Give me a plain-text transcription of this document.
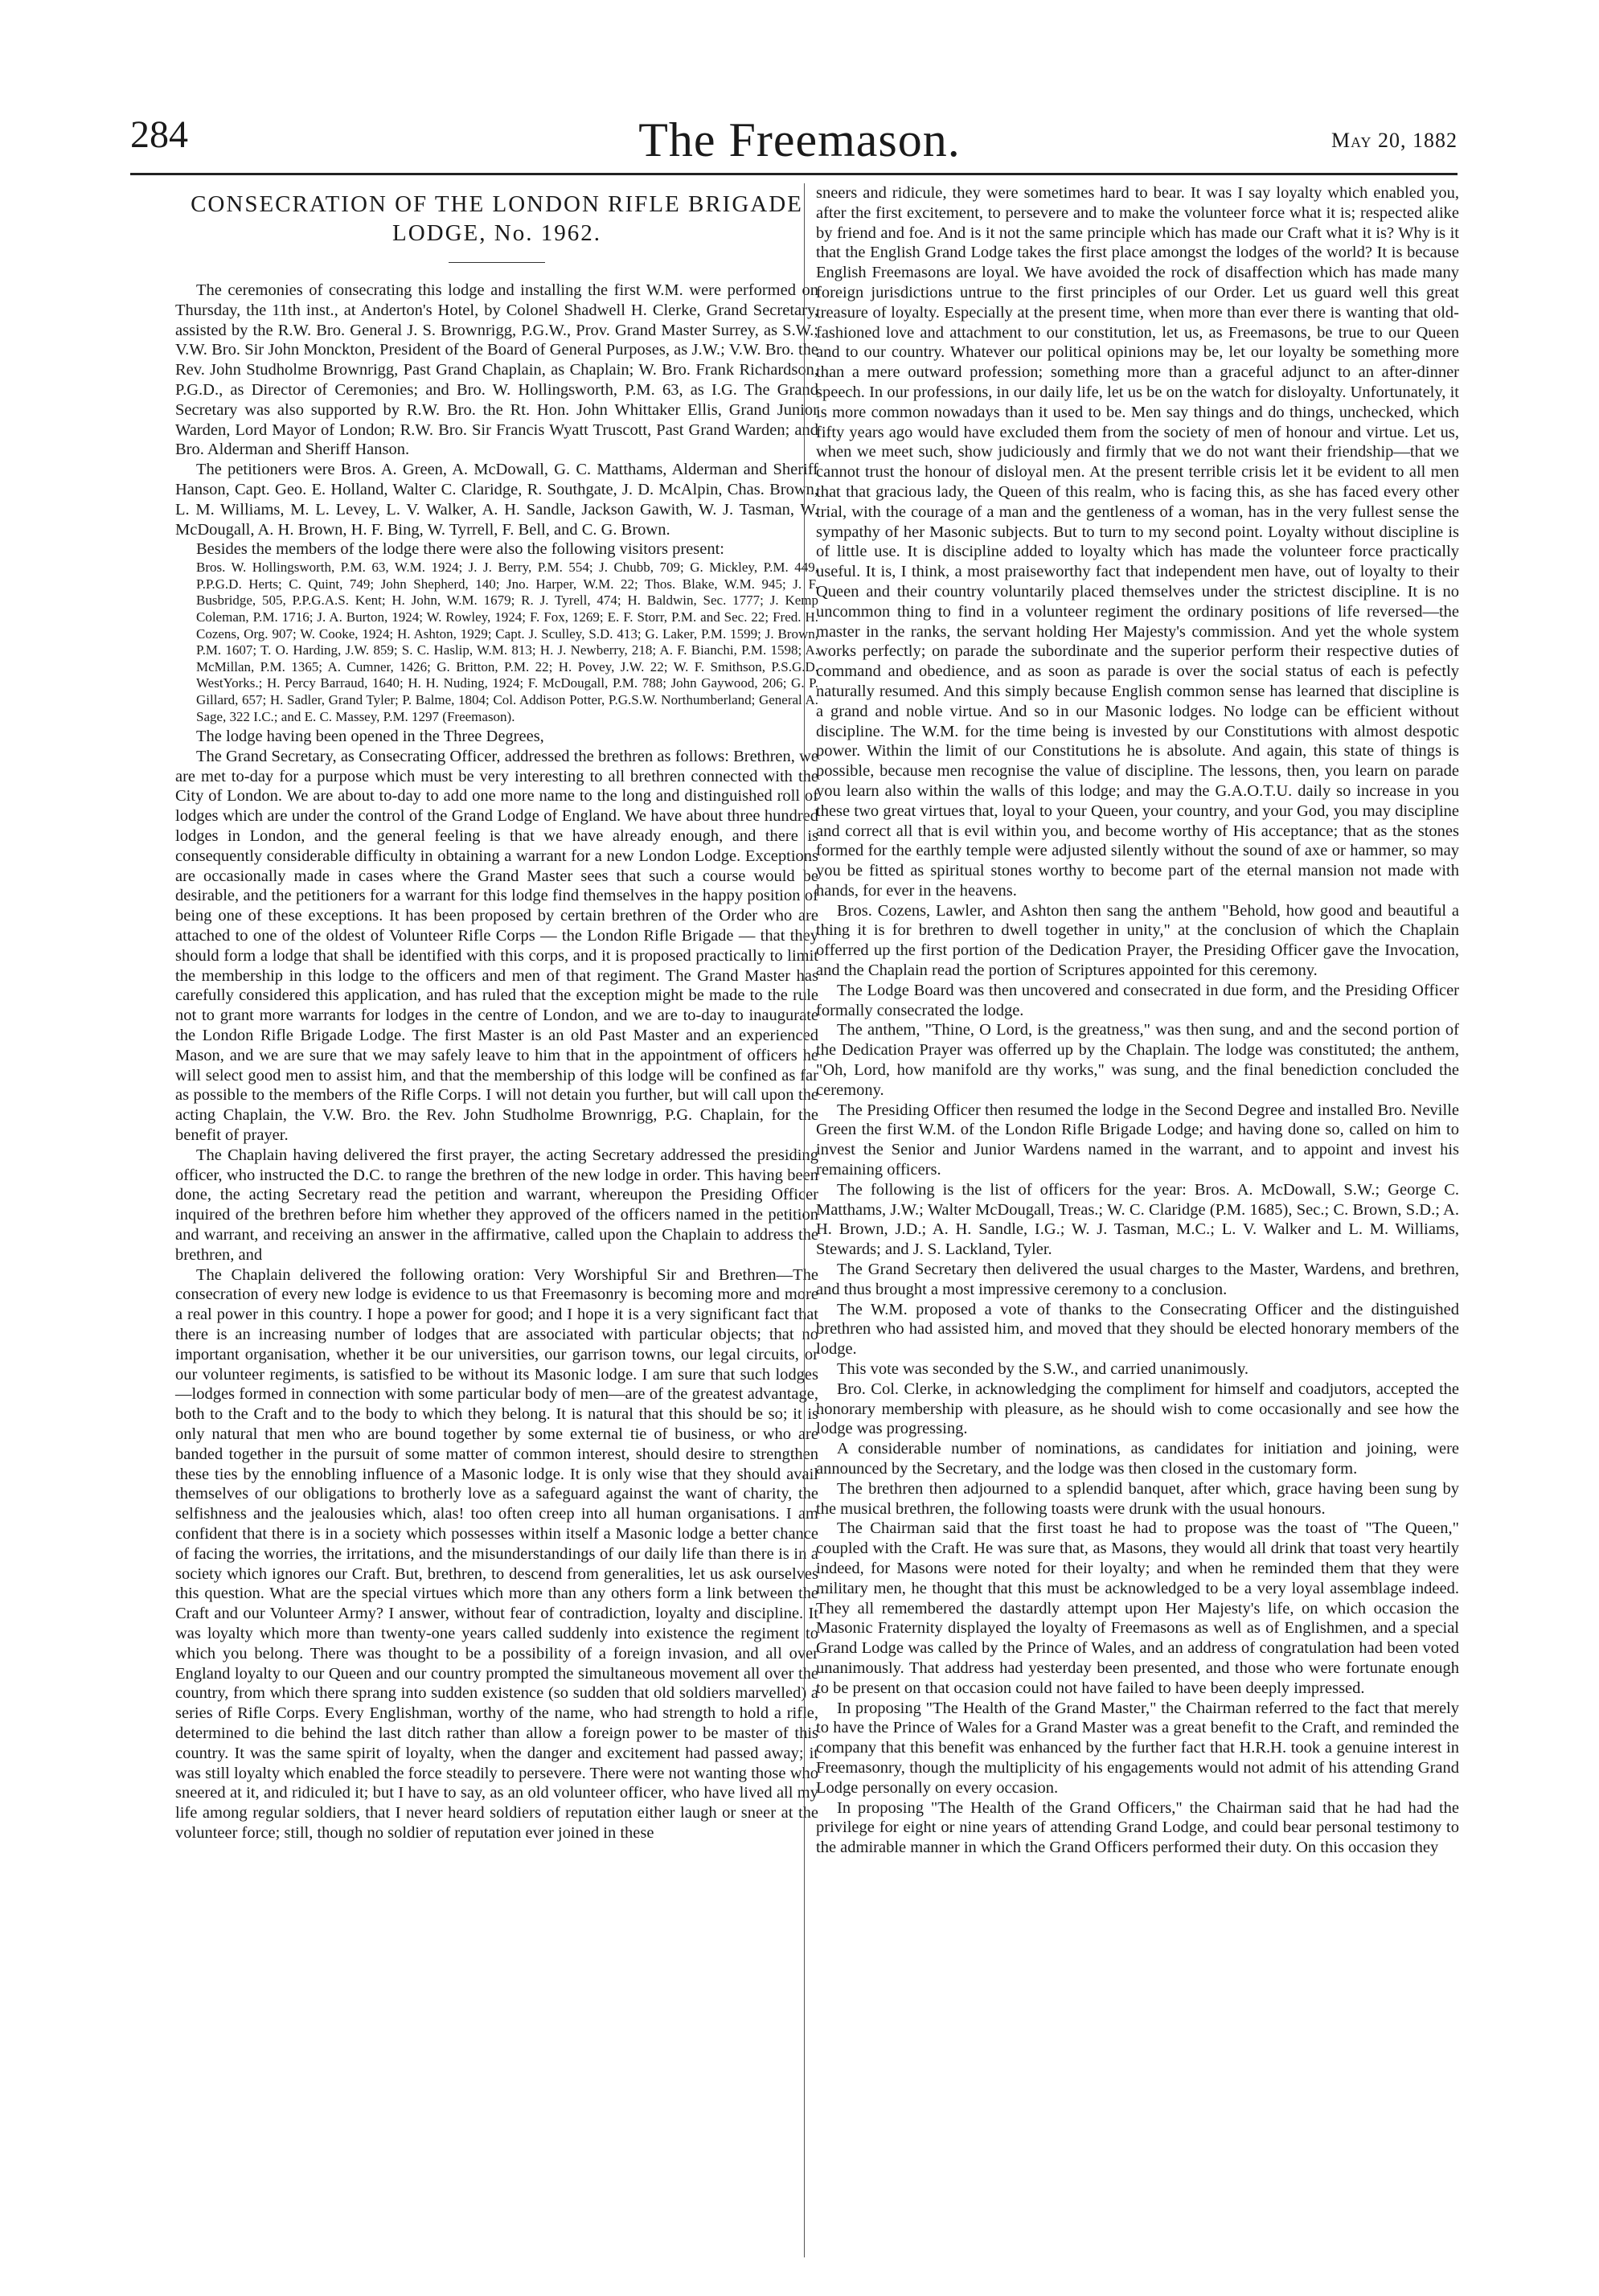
284	The Freemason.	May 20, 1882
CONSECRATION OF THE LONDON RIFLE BRIGADE LODGE, No. 1962.

The ceremonies of consecrating this lodge and installing the first W.M. were performed on Thursday, the 11th inst., at Anderton's Hotel, by Colonel Shadwell H. Clerke, Grand Secretary, assisted by the R.W. Bro. General J. S. Brownrigg, P.G.W., Prov. Grand Master Surrey, as S.W.; V.W. Bro. Sir John Monckton, President of the Board of General Purposes, as J.W.; V.W. Bro. the Rev. John Studholme Brownrigg, Past Grand Chaplain, as Chaplain; W. Bro. Frank Richardson, P.G.D., as Director of Ceremonies; and Bro. W. Hollingsworth, P.M. 63, as I.G. The Grand Secretary was also supported by R.W. Bro. the Rt. Hon. John Whittaker Ellis, Grand Junior Warden, Lord Mayor of London; R.W. Bro. Sir Francis Wyatt Truscott, Past Grand Warden; and Bro. Alderman and Sheriff Hanson.

The petitioners were Bros. A. Green, A. McDowall, G. C. Matthams, Alderman and Sheriff Hanson, Capt. Geo. E. Holland, Walter C. Claridge, R. Southgate, J. D. McAlpin, Chas. Brown, L. M. Williams, M. L. Levey, L. V. Walker, A. H. Sandle, Jackson Gawith, W. J. Tasman, W. McDougall, A. H. Brown, H. F. Bing, W. Tyrrell, F. Bell, and C. G. Brown.

Besides the members of the lodge there were also the following visitors present:

Bros. W. Hollingsworth, P.M. 63, W.M. 1924; J. J. Berry, P.M. 554; J. Chubb, 709; G. Mickley, P.M. 449, P.P.G.D. Herts; C. Quint, 749; John Shepherd, 140; Jno. Harper, W.M. 22; Thos. Blake, W.M. 945; J. F. Busbridge, 505, P.P.G.A.S. Kent; H. John, W.M. 1679; R. J. Tyrell, 474; H. Baldwin, Sec. 1777; J. Kemp Coleman, P.M. 1716; J. A. Burton, 1924; W. Rowley, 1924; F. Fox, 1269; E. F. Storr, P.M. and Sec. 22; Fred. H. Cozens, Org. 907; W. Cooke, 1924; H. Ashton, 1929; Capt. J. Sculley, S.D. 413; G. Laker, P.M. 1599; J. Brown, P.M. 1607; T. O. Harding, J.W. 859; S. C. Haslip, W.M. 813; H. J. Newberry, 218; A. F. Bianchi, P.M. 1598; A. McMillan, P.M. 1365; A. Cumner, 1426; G. Britton, P.M. 22; H. Povey, J.W. 22; W. F. Smithson, P.S.G.D. WestYorks.; H. Percy Barraud, 1640; H. H. Nuding, 1924; F. McDougall, P.M. 788; John Gaywood, 206; G. P. Gillard, 657; H. Sadler, Grand Tyler; P. Balme, 1804; Col. Addison Potter, P.G.S.W. Northumberland; General A. Sage, 322 I.C.; and E. C. Massey, P.M. 1297 (Freemason).

The lodge having been opened in the Three Degrees,

The Grand Secretary, as Consecrating Officer, addressed the brethren as follows: Brethren, we are met to-day for a purpose which must be very interesting to all brethren connected with the City of London. We are about to-day to add one more name to the long and distinguished roll of lodges which are under the control of the Grand Lodge of England. We have about three hundred lodges in London, and the general feeling is that we have already enough, and there is consequently considerable difficulty in obtaining a warrant for a new London Lodge. Exceptions are occasionally made in cases where the Grand Master sees that such a course would be desirable, and the petitioners for a warrant for this lodge find themselves in the happy position of being one of these exceptions. It has been proposed by certain brethren of the Order who are attached to one of the oldest of Volunteer Rifle Corps — the London Rifle Brigade — that they should form a lodge that shall be identified with this corps, and it is proposed practically to limit the membership in this lodge to the officers and men of that regiment. The Grand Master has carefully considered this application, and has ruled that the exception might be made to the rule not to grant more warrants for lodges in the centre of London, and we are to-day to inaugurate the London Rifle Brigade Lodge. The first Master is an old Past Master and an experienced Mason, and we are sure that we may safely leave to him that in the appointment of officers he will select good men to assist him, and that the membership of this lodge will be confined as far as possible to the members of the Rifle Corps. I will not detain you further, but will call upon the acting Chaplain, the V.W. Bro. the Rev. John Studholme Brownrigg, P.G. Chaplain, for the benefit of prayer.

The Chaplain having delivered the first prayer, the acting Secretary addressed the presiding officer, who instructed the D.C. to range the brethren of the new lodge in order. This having been done, the acting Secretary read the petition and warrant, whereupon the Presiding Officer inquired of the brethren before him whether they approved of the officers named in the petition and warrant, and receiving an answer in the affirmative, called upon the Chaplain to address the brethren, and

The Chaplain delivered the following oration: Very Worshipful Sir and Brethren—The consecration of every new lodge is evidence to us that Freemasonry is becoming more and more a real power in this country. I hope a power for good; and I hope it is a very significant fact that there is an increasing number of lodges that are associated with particular objects; that no important organisation, whether it be our universities, our garrison towns, our legal circuits, or our volunteer regiments, is satisfied to be without its Masonic lodge. I am sure that such lodges—lodges formed in connection with some particular body of men—are of the greatest advantage, both to the Craft and to the body to which they belong. It is natural that this should be so; it is only natural that men who are bound together by some external tie of business, or who are banded together in the pursuit of some matter of common interest, should desire to strengthen these ties by the ennobling influence of a Masonic lodge. It is only wise that they should avail themselves of our obligations to brotherly love as a safeguard against the want of charity, the selfishness and the jealousies which, alas! too often creep into all human organisations. I am confident that there is in a society which possesses within itself a Masonic lodge a better chance of facing the worries, the irritations, and the misunderstandings of our daily life than there is in a society which ignores our Craft. But, brethren, to descend from generalities, let us ask ourselves this question. What are the special virtues which more than any others form a link between the Craft and our Volunteer Army? I answer, without fear of contradiction, loyalty and discipline. It was loyalty which more than twenty-one years called suddenly into existence the regiment to which you belong. There was thought to be a possibility of a foreign invasion, and all over England loyalty to our Queen and our country prompted the simultaneous movement all over the country, from which there sprang into sudden existence (so sudden that old soldiers marvelled) a series of Rifle Corps. Every Englishman, worthy of the name, who had strength to hold a rifle, determined to die behind the last ditch rather than allow a foreign power to be master of this country. It was the same spirit of loyalty, when the danger and excitement had passed away; it was still loyalty which enabled the force steadily to persevere. There were not wanting those who sneered at it, and ridiculed it; but I have to say, as an old volunteer officer, who have lived all my life among regular soldiers, that I never heard soldiers of reputation either laugh or sneer at the volunteer force; still, though no soldier of reputation ever joined in these

sneers and ridicule, they were sometimes hard to bear. It was I say loyalty which enabled you, after the first excitement, to persevere and to make the volunteer force what it is; respected alike by friend and foe. And is it not the same principle which has made our Craft what it is? Why is it that the English Grand Lodge takes the first place amongst the lodges of the world? It is because English Freemasons are loyal. We have avoided the rock of disaffection which has made many foreign jurisdictions untrue to the first principles of our Order. Let us guard well this great treasure of loyalty. Especially at the present time, when more than ever there is wanting that old-fashioned love and attachment to our constitution, let us, as Freemasons, be true to our Queen and to our country. Whatever our political opinions may be, let our loyalty be something more than a mere outward profession; something more than a graceful adjunct to an after-dinner speech. In our professions, in our daily life, let us be on the watch for disloyalty. Unfortunately, it is more common nowadays than it used to be. Men say things and do things, unchecked, which fifty years ago would have excluded them from the society of men of honour and virtue. Let us, when we meet such, show judiciously and firmly that we do not want their friendship—that we cannot trust the honour of disloyal men. At the present terrible crisis let it be evident to all men that that gracious lady, the Queen of this realm, who is facing this, as she has faced every other trial, with the courage of a man and the gentleness of a woman, has in the very fullest sense the sympathy of her Masonic subjects. But to turn to my second point. Loyalty without discipline is of little use. It is discipline added to loyalty which has made the volunteer force practically useful. It is, I think, a most praiseworthy fact that independent men have, out of loyalty to their Queen and their country voluntarily placed themselves under the strictest discipline. It is no uncommon thing to find in a volunteer regiment the ordinary positions of life reversed—the master in the ranks, the servant holding Her Majesty's commission. And yet the whole system works perfectly; on parade the subordinate and the superior perform their respective duties of command and obedience, and as soon as parade is over the social status of each is pefectly naturally resumed. And this simply because English common sense has learned that discipline is a grand and noble virtue. And so in our Masonic lodges. No lodge can be efficient without discipline. The W.M. for the time being is invested by our Constitutions with almost despotic power. Within the limit of our Constitutions he is absolute. And again, this state of things is possible, because men recognise the value of discipline. The lessons, then, you learn on parade you learn also within the walls of this lodge; and may the G.A.O.T.U. daily so increase in you these two great virtues that, loyal to your Queen, your country, and your God, you may discipline and correct all that is evil within you, and become worthy of His acceptance; that as the stones formed for the earthly temple were adjusted silently without the sound of axe or hammer, so may you be fitted as spiritual stones worthy to become part of the eternal mansion not made with hands, for ever in the heavens.

Bros. Cozens, Lawler, and Ashton then sang the anthem "Behold, how good and beautiful a thing it is for brethren to dwell together in unity," at the conclusion of which the Chaplain offerred up the first portion of the Dedication Prayer, the Presiding Officer gave the Invocation, and the Chaplain read the portion of Scriptures appointed for this ceremony.

The Lodge Board was then uncovered and consecrated in due form, and the Presiding Officer formally consecrated the lodge.

The anthem, "Thine, O Lord, is the greatness," was then sung, and and the second portion of the Dedication Prayer was offerred up by the Chaplain. The lodge was constituted; the anthem, "Oh, Lord, how manifold are thy works," was sung, and the final benediction concluded the ceremony.

The Presiding Officer then resumed the lodge in the Second Degree and installed Bro. Neville Green the first W.M. of the London Rifle Brigade Lodge; and having done so, called on him to invest the Senior and Junior Wardens named in the warrant, and to appoint and invest his remaining officers.

The following is the list of officers for the year: Bros. A. McDowall, S.W.; George C. Matthams, J.W.; Walter McDougall, Treas.; W. C. Claridge (P.M. 1685), Sec.; C. Brown, S.D.; A. H. Brown, J.D.; A. H. Sandle, I.G.; W. J. Tasman, M.C.; L. V. Walker and L. M. Williams, Stewards; and J. S. Lackland, Tyler.

The Grand Secretary then delivered the usual charges to the Master, Wardens, and brethren, and thus brought a most impressive ceremony to a conclusion.

The W.M. proposed a vote of thanks to the Consecrating Officer and the distinguished brethren who had assisted him, and moved that they should be elected honorary members of the lodge.

This vote was seconded by the S.W., and carried unanimously.

Bro. Col. Clerke, in acknowledging the compliment for himself and coadjutors, accepted the honorary membership with pleasure, as he should wish to come occasionally and see how the lodge was progressing.

A considerable number of nominations, as candidates for initiation and joining, were announced by the Secretary, and the lodge was then closed in the customary form.

The brethren then adjourned to a splendid banquet, after which, grace having been sung by the musical brethren, the following toasts were drunk with the usual honours.

The Chairman said that the first toast he had to propose was the toast of "The Queen," coupled with the Craft. He was sure that, as Masons, they would all drink that toast very heartily indeed, for Masons were noted for their loyalty; and when he reminded them that they were military men, he thought that this must be acknowledged to be a very loyal assemblage indeed. They all remembered the dastardly attempt upon Her Majesty's life, on which occasion the Masonic Fraternity displayed the loyalty of Freemasons as well as of Englishmen, and a special Grand Lodge was called by the Prince of Wales, and an address of congratulation had been voted unanimously. That address had yesterday been presented, and those who were fortunate enough to be present on that occasion could not have failed to have been deeply impressed.

In proposing "The Health of the Grand Master," the Chairman referred to the fact that merely to have the Prince of Wales for a Grand Master was a great benefit to the Craft, and reminded the company that this benefit was enhanced by the further fact that H.R.H. took a genuine interest in Freemasonry, though the multiplicity of his engagements would not admit of his attending Grand Lodge personally on every occasion.

In proposing "The Health of the Grand Officers," the Chairman said that he had had the privilege for eight or nine years of attending Grand Lodge, and could bear personal testimony to the admirable manner in which the Grand Officers performed their duty. On this occasion they
